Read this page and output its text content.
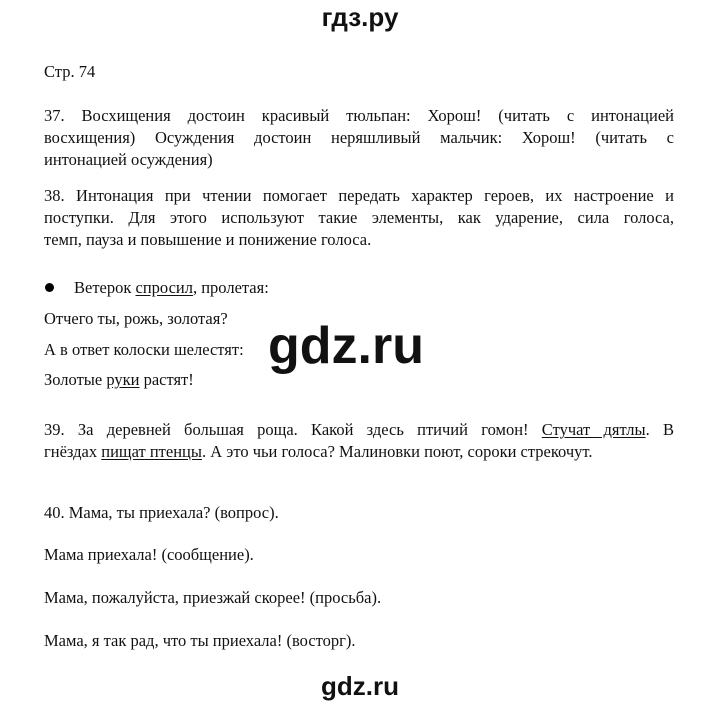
гдз.ру
Стр. 74
37. Восхищения достоин красивый тюльпан: Хорош! (читать с интонацией
восхищения) Осуждения достоин неряшливый мальчик: Хорош! (читать с
интонацией осуждения)
38. Интонация при чтении помогает передать характер героев, их настроение и
поступки. Для этого используют такие элементы, как ударение, сила голоса,
темп, пауза и повышение и понижение голоса.
Ветерок спросил, пролетая:
Отчего ты, рожь, золотая?
А в ответ колоски шелестят:
Золотые руки растят!
gdz.ru
39. За деревней большая роща. Какой здесь птичий гомон! Стучат дятлы. В
гнёздах пищат птенцы. А это чьи голоса? Малиновки поют, сороки стрекочут.
40. Мама, ты приехала? (вопрос).
Мама приехала! (сообщение).
Мама, пожалуйста, приезжай скорее! (просьба).
Мама, я так рад, что ты приехала! (восторг).
gdz.ru
